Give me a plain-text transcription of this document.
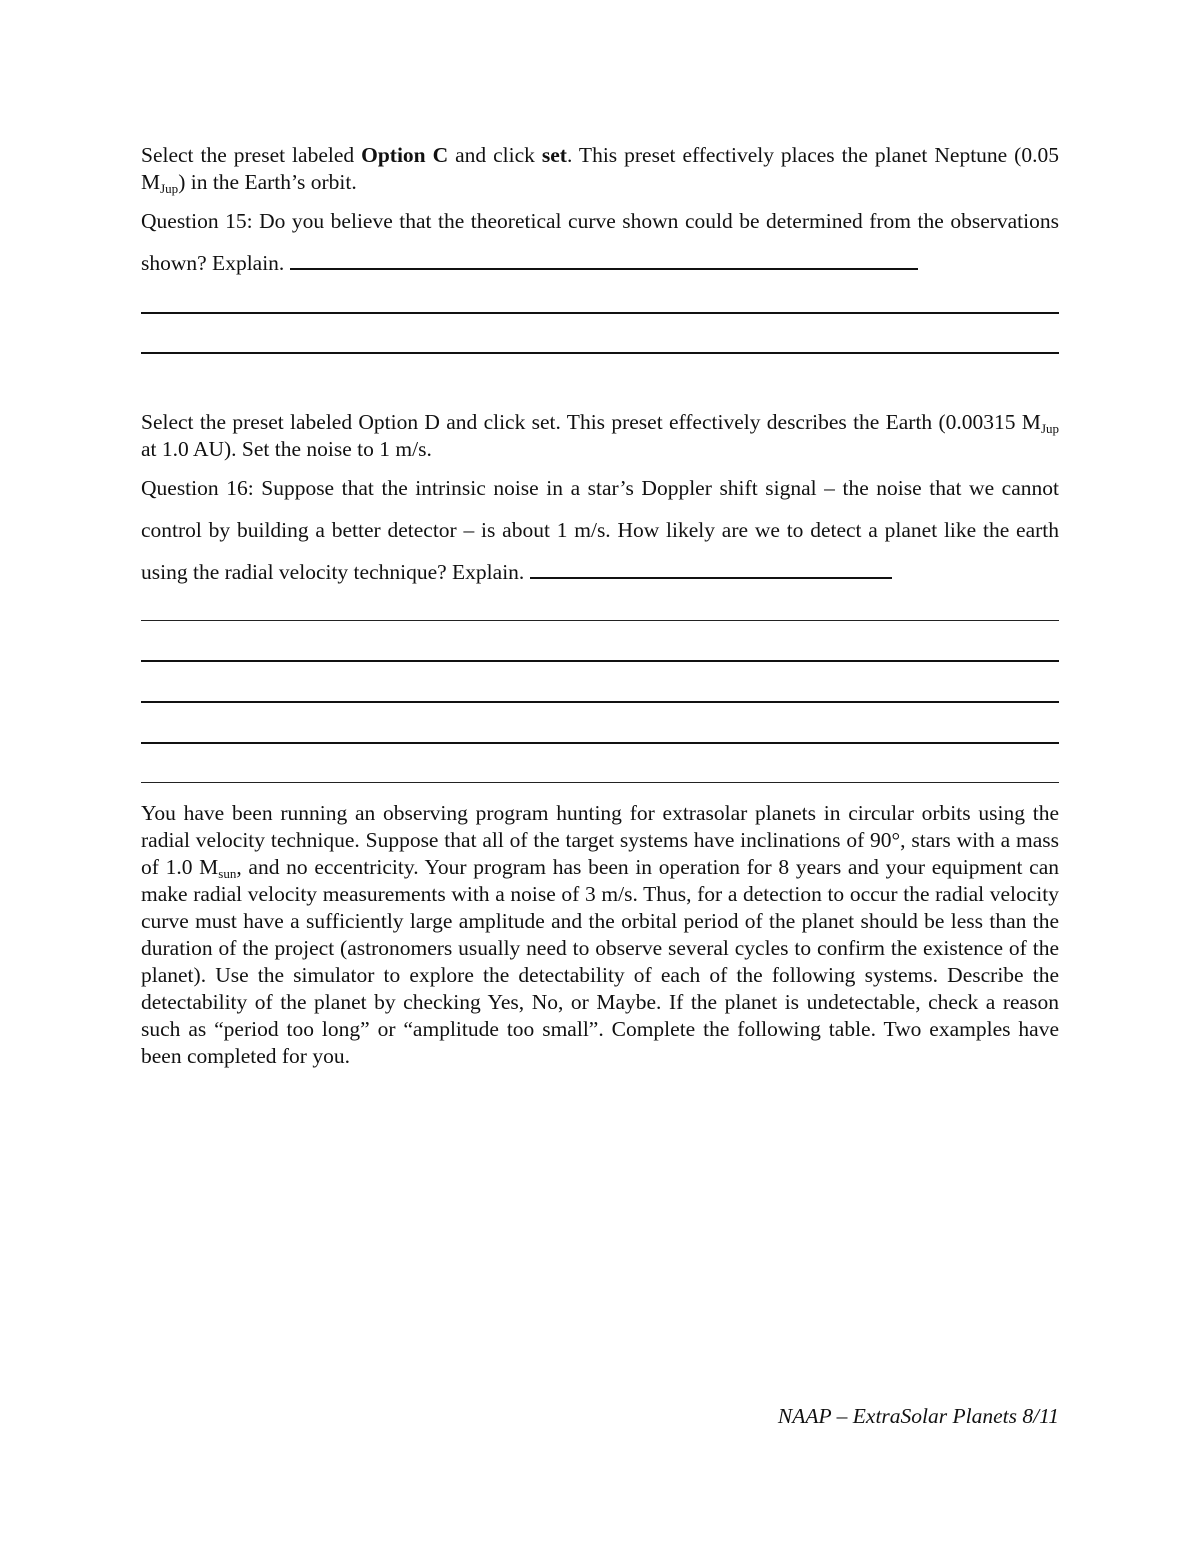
Select the preset labeled Option C and click set. This preset effectively places the planet Neptune (0.05 $M_{Jup}$) in the Earth’s orbit.

Question 15: Do you believe that the theoretical curve shown could be determined from the observations shown? Explain.

Select the preset labeled Option D and click set. This preset effectively describes the Earth (0.00315 $M_{Jup}$ at 1.0 AU). Set the noise to 1 m/s.

Question 16: Suppose that the intrinsic noise in a star’s Doppler shift signal – the noise that we cannot control by building a better detector – is about 1 m/s. How likely are we to detect a planet like the earth using the radial velocity technique? Explain.

You have been running an observing program hunting for extrasolar planets in circular orbits using the radial velocity technique. Suppose that all of the target systems have inclinations of 90°, stars with a mass of 1.0 $M_{sun}$, and no eccentricity. Your program has been in operation for 8 years and your equipment can make radial velocity measurements with a noise of 3 m/s. Thus, for a detection to occur the radial velocity curve must have a sufficiently large amplitude and the orbital period of the planet should be less than the duration of the project (astronomers usually need to observe several cycles to confirm the existence of the planet). Use the simulator to explore the detectability of each of the following systems. Describe the detectability of the planet by checking Yes, No, or Maybe. If the planet is undetectable, check a reason such as “period too long” or “amplitude too small”. Complete the following table. Two examples have been completed for you.

NAAP – ExtraSolar Planets 8/11
